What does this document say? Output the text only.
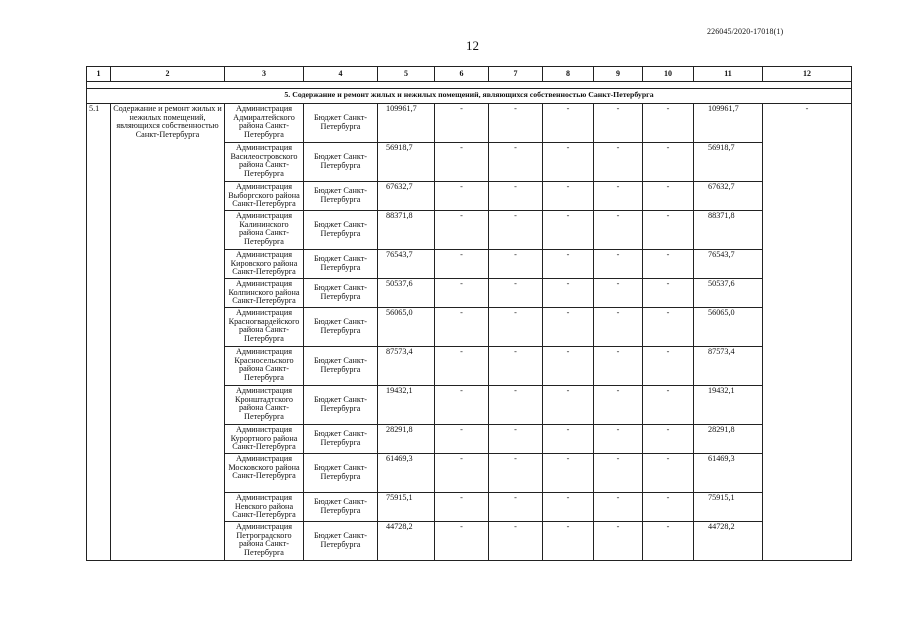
226045/2020-17018(1)
12
1	2	3	4	5	6	7	8	9	10	11	12

5. Содержание и ремонт жилых и нежилых помещений, являющихся собственностью Санкт-Петербурга											
5.1	Содержание и ремонт жилых и нежилых помещений, являющихся собственностью Санкт-Петербурга	Администрация Адмиралтейского района Санкт-Петербурга	Бюджет Санкт-Петербурга	109961,7	-	-	-	-	-	109961,7	-
		Администрация Василеостровского района Санкт-Петербурга	Бюджет Санкт-Петербурга	56918,7	-	-	-	-	-	56918,7	
		Администрация Выборгского района Санкт-Петербурга	Бюджет Санкт-Петербурга	67632,7	-	-	-	-	-	67632,7	
		Администрация Калининского района Санкт-Петербурга	Бюджет Санкт-Петербурга	88371,8	-	-	-	-	-	88371,8	
		Администрация Кировского района Санкт-Петербурга	Бюджет Санкт-Петербурга	76543,7	-	-	-	-	-	76543,7	
		Администрация Колпинского района Санкт-Петербурга	Бюджет Санкт-Петербурга	50537,6	-	-	-	-	-	50537,6	
		Администрация Красногвардейского района Санкт-Петербурга	Бюджет Санкт-Петербурга	56065,0	-	-	-	-	-	56065,0	
		Администрация Красносельского района Санкт-Петербурга	Бюджет Санкт-Петербурга	87573,4	-	-	-	-	-	87573,4	
		Администрация Кронштадтского района Санкт-Петербурга	Бюджет Санкт-Петербурга	19432,1	-	-	-	-	-	19432,1	
		Администрация Курортного района Санкт-Петербурга	Бюджет Санкт-Петербурга	28291,8	-	-	-	-	-	28291,8	
		Администрация Московского района Санкт-Петербурга	Бюджет Санкт-Петербурга	61469,3	-	-	-	-	-	61469,3	
		Администрация Невского района Санкт-Петербурга	Бюджет Санкт-Петербурга	75915,1	-	-	-	-	-	75915,1	
		Администрация Петроградского района Санкт-Петербурга	Бюджет Санкт-Петербурга	44728,2	-	-	-	-	-	44728,2	
